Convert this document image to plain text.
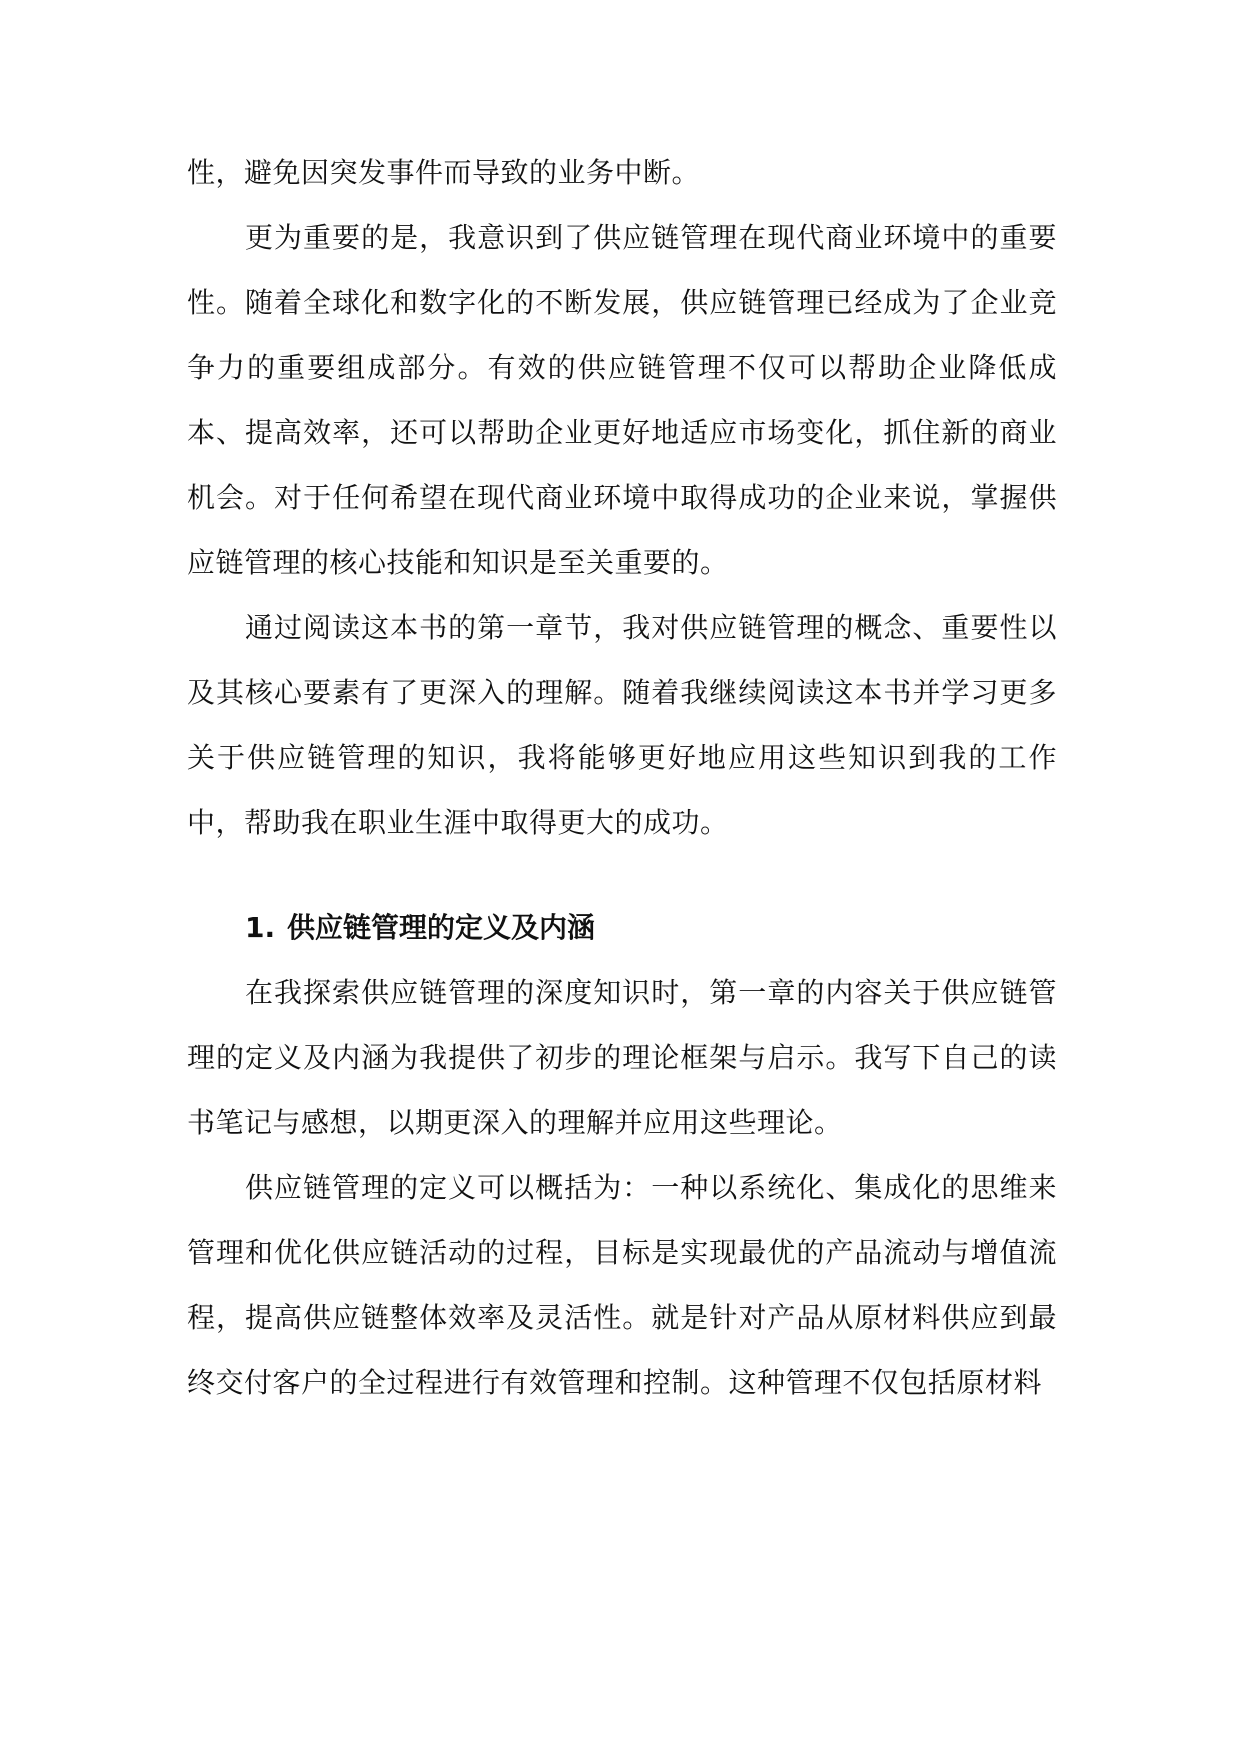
性，避免因突发事件而导致的业务中断。

更为重要的是，我意识到了供应链管理在现代商业环境中的重要性。随着全球化和数字化的不断发展，供应链管理已经成为了企业竞争力的重要组成部分。有效的供应链管理不仅可以帮助企业降低成本、提高效率，还可以帮助企业更好地适应市场变化，抓住新的商业机会。对于任何希望在现代商业环境中取得成功的企业来说，掌握供应链管理的核心技能和知识是至关重要的。

通过阅读这本书的第一章节，我对供应链管理的概念、重要性以及其核心要素有了更深入的理解。随着我继续阅读这本书并学习更多关于供应链管理的知识，我将能够更好地应用这些知识到我的工作中，帮助我在职业生涯中取得更大的成功。

1. 供应链管理的定义及内涵

在我探索供应链管理的深度知识时，第一章的内容关于供应链管理的定义及内涵为我提供了初步的理论框架与启示。我写下自己的读书笔记与感想，以期更深入的理解并应用这些理论。

供应链管理的定义可以概括为：一种以系统化、集成化的思维来管理和优化供应链活动的过程，目标是实现最优的产品流动与增值流程，提高供应链整体效率及灵活性。就是针对产品从原材料供应到最终交付客户的全过程进行有效管理和控制。这种管理不仅包括原材料
